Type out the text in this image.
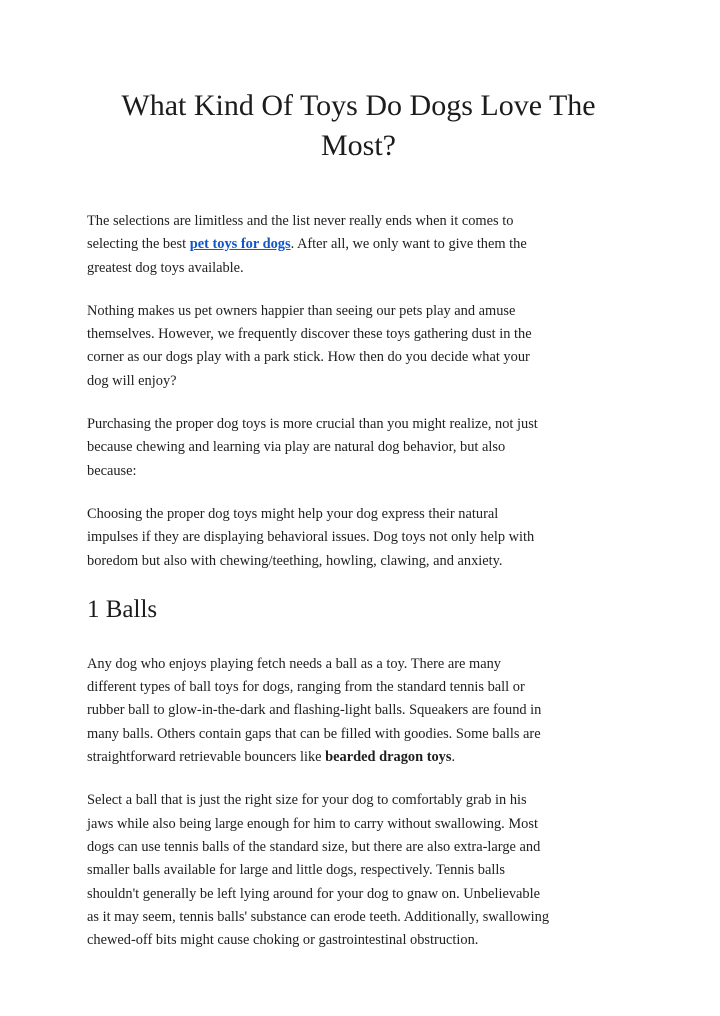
What Kind Of Toys Do Dogs Love The
Most?

The selections are limitless and the list never really ends when it comes to
selecting the best pet toys for dogs. After all, we only want to give them the
greatest dog toys available.

Nothing makes us pet owners happier than seeing our pets play and amuse
themselves. However, we frequently discover these toys gathering dust in the
corner as our dogs play with a park stick. How then do you decide what your
dog will enjoy?

Purchasing the proper dog toys is more crucial than you might realize, not just
because chewing and learning via play are natural dog behavior, but also
because:

Choosing the proper dog toys might help your dog express their natural
impulses if they are displaying behavioral issues. Dog toys not only help with
boredom but also with chewing/teething, howling, clawing, and anxiety.

1 Balls

Any dog who enjoys playing fetch needs a ball as a toy. There are many
different types of ball toys for dogs, ranging from the standard tennis ball or
rubber ball to glow-in-the-dark and flashing-light balls. Squeakers are found in
many balls. Others contain gaps that can be filled with goodies. Some balls are
straightforward retrievable bouncers like bearded dragon toys.

Select a ball that is just the right size for your dog to comfortably grab in his
jaws while also being large enough for him to carry without swallowing. Most
dogs can use tennis balls of the standard size, but there are also extra-large and
smaller balls available for large and little dogs, respectively. Tennis balls
shouldn't generally be left lying around for your dog to gnaw on. Unbelievable
as it may seem, tennis balls' substance can erode teeth. Additionally, swallowing
chewed-off bits might cause choking or gastrointestinal obstruction.
